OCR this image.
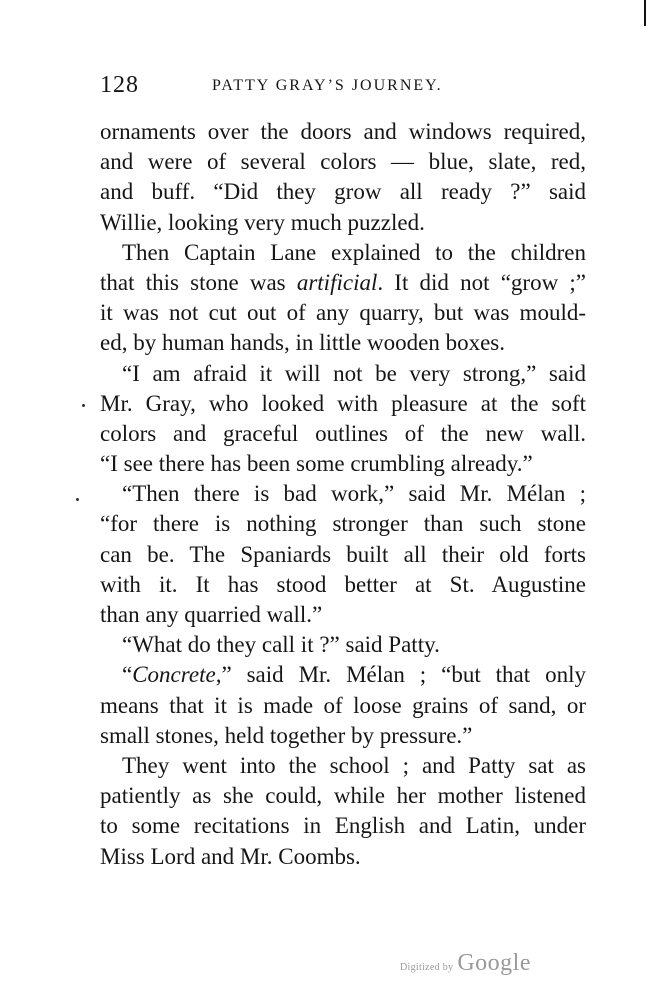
128	PATTY GRAY’S JOURNEY.
ornaments over the doors and windows required,
and were of several colors — blue, slate, red,
and buff. “Did they grow all ready ?” said
Willie, looking very much puzzled.
Then Captain Lane explained to the children
that this stone was artificial. It did not “grow ;”
it was not cut out of any quarry, but was mould-
ed, by human hands, in little wooden boxes.
“I am afraid it will not be very strong,” said
Mr. Gray, who looked with pleasure at the soft
colors and graceful outlines of the new wall.
“I see there has been some crumbling already.”
“Then there is bad work,” said Mr. Mélan ;
“for there is nothing stronger than such stone
can be. The Spaniards built all their old forts
with it. It has stood better at St. Augustine
than any quarried wall.”
“What do they call it ?” said Patty.
“Concrete,” said Mr. Mélan ; “but that only
means that it is made of loose grains of sand, or
small stones, held together by pressure.”
They went into the school ; and Patty sat as
patiently as she could, while her mother listened
to some recitations in English and Latin, under
Miss Lord and Mr. Coombs.
Digitized by Google
